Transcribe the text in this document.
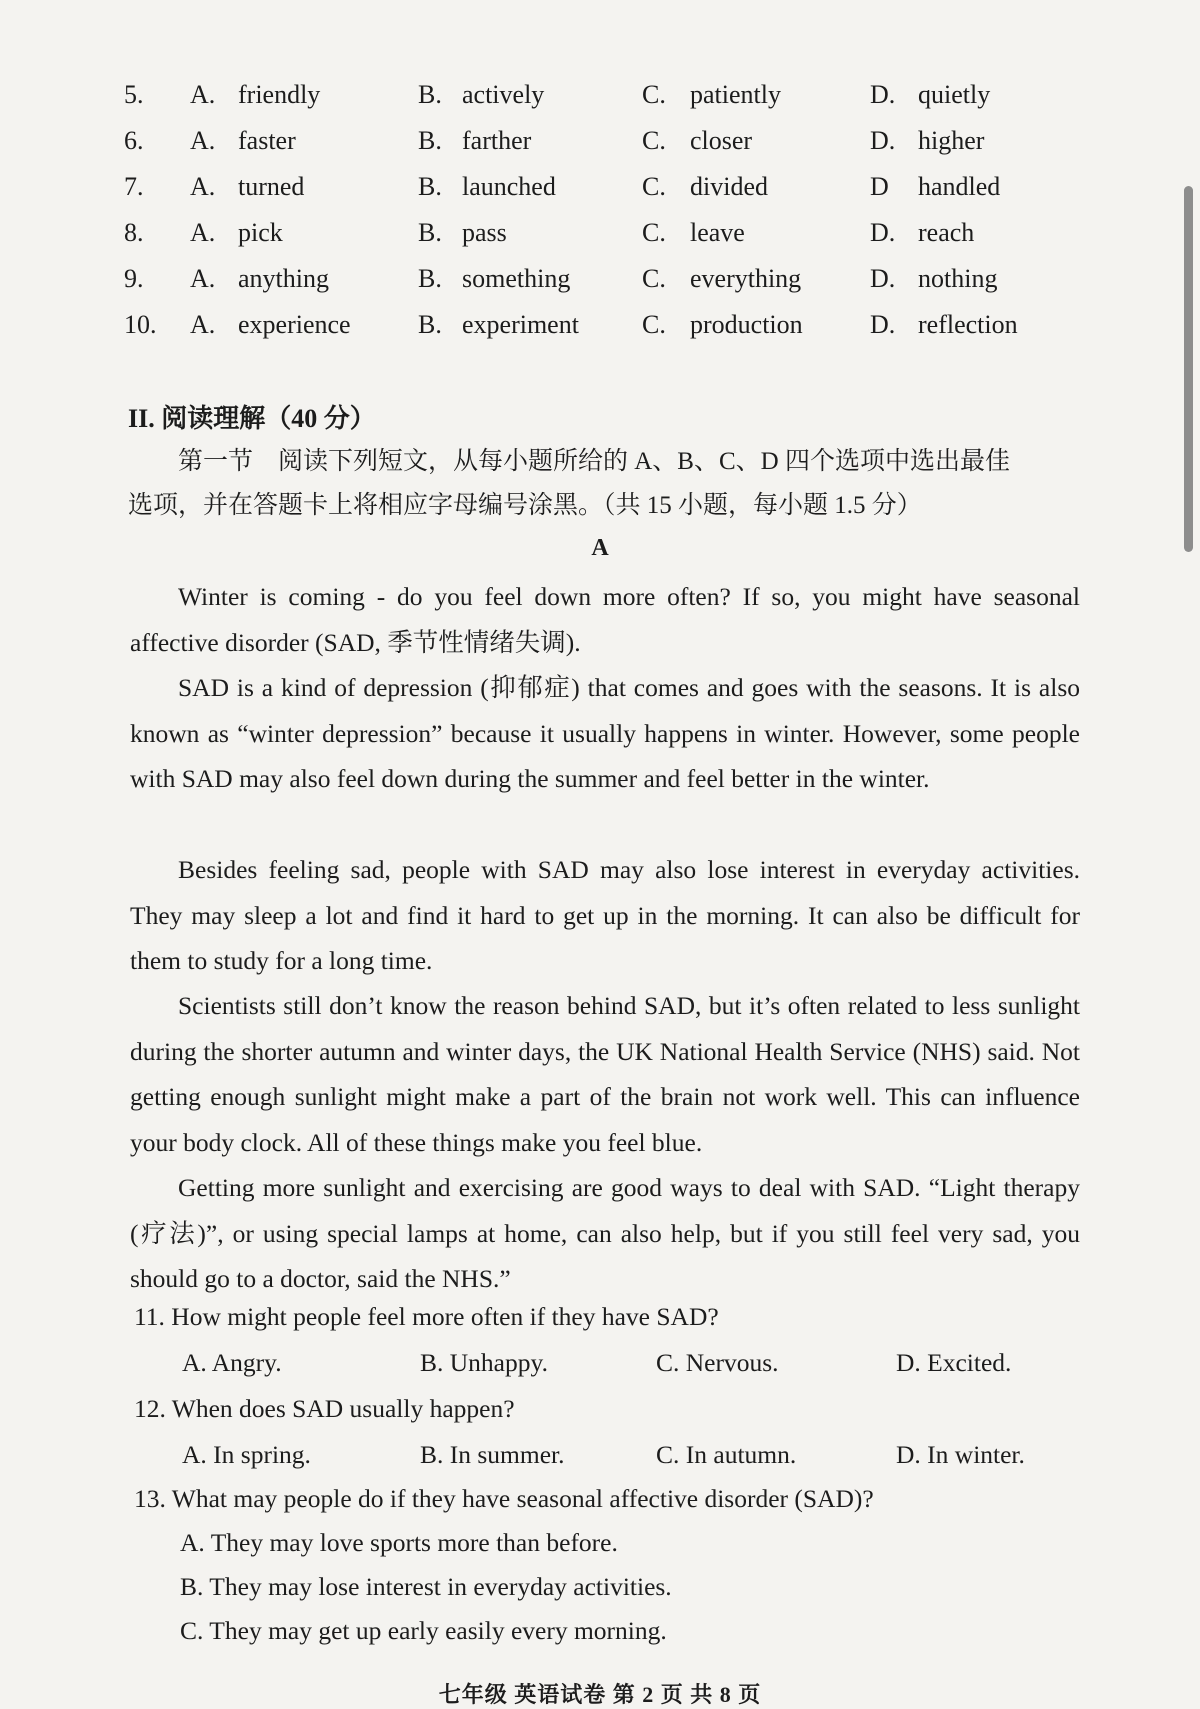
5. A. friendly	B. actively	C. patiently	D. quietly
6. A. faster	B. farther	C. closer	D. higher
7. A. turned	B. launched	C. divided	D handled
8. A. pick	B. pass	C. leave	D. reach
9. A. anything	B. something	C. everything	D. nothing
10. A. experience	B. experiment C. production	D. reflection
II. 阅读理解（40 分）
第一节　阅读下列短文，从每小题所给的 A、B、C、D 四个选项中选出最佳
选项，并在答题卡上将相应字母编号涂黑。（共 15 小题，每小题 1.5 分）
A

Winter is coming - do you feel down more often? If so, you might have seasonal affective disorder (SAD, 季节性情绪失调).

SAD is a kind of depression (抑郁症) that comes and goes with the seasons. It is also known as “winter depression” because it usually happens in winter. However, some people with SAD may also feel down during the summer and feel better in the winter.

Besides feeling sad, people with SAD may also lose interest in everyday activities. They may sleep a lot and find it hard to get up in the morning. It can also be difficult for them to study for a long time.

Scientists still don’t know the reason behind SAD, but it’s often related to less sunlight during the shorter autumn and winter days, the UK National Health Service (NHS) said. Not getting enough sunlight might make a part of the brain not work well. This can influence your body clock. All of these things make you feel blue.

Getting more sunlight and exercising are good ways to deal with SAD. “Light therapy (疗法)”, or using special lamps at home, can also help, but if you still feel very sad, you should go to a doctor, said the NHS.”

11. How might people feel more often if they have SAD?
A. Angry.	B. Unhappy.	C. Nervous.	D. Excited.
12. When does SAD usually happen?
A. In spring.	B. In summer.	C. In autumn.	D. In winter.
13. What may people do if they have seasonal affective disorder (SAD)?
A. They may love sports more than before.
B. They may lose interest in everyday activities.
C. They may get up early easily every morning.
七年级 英语试卷 第 2 页 共 8 页
